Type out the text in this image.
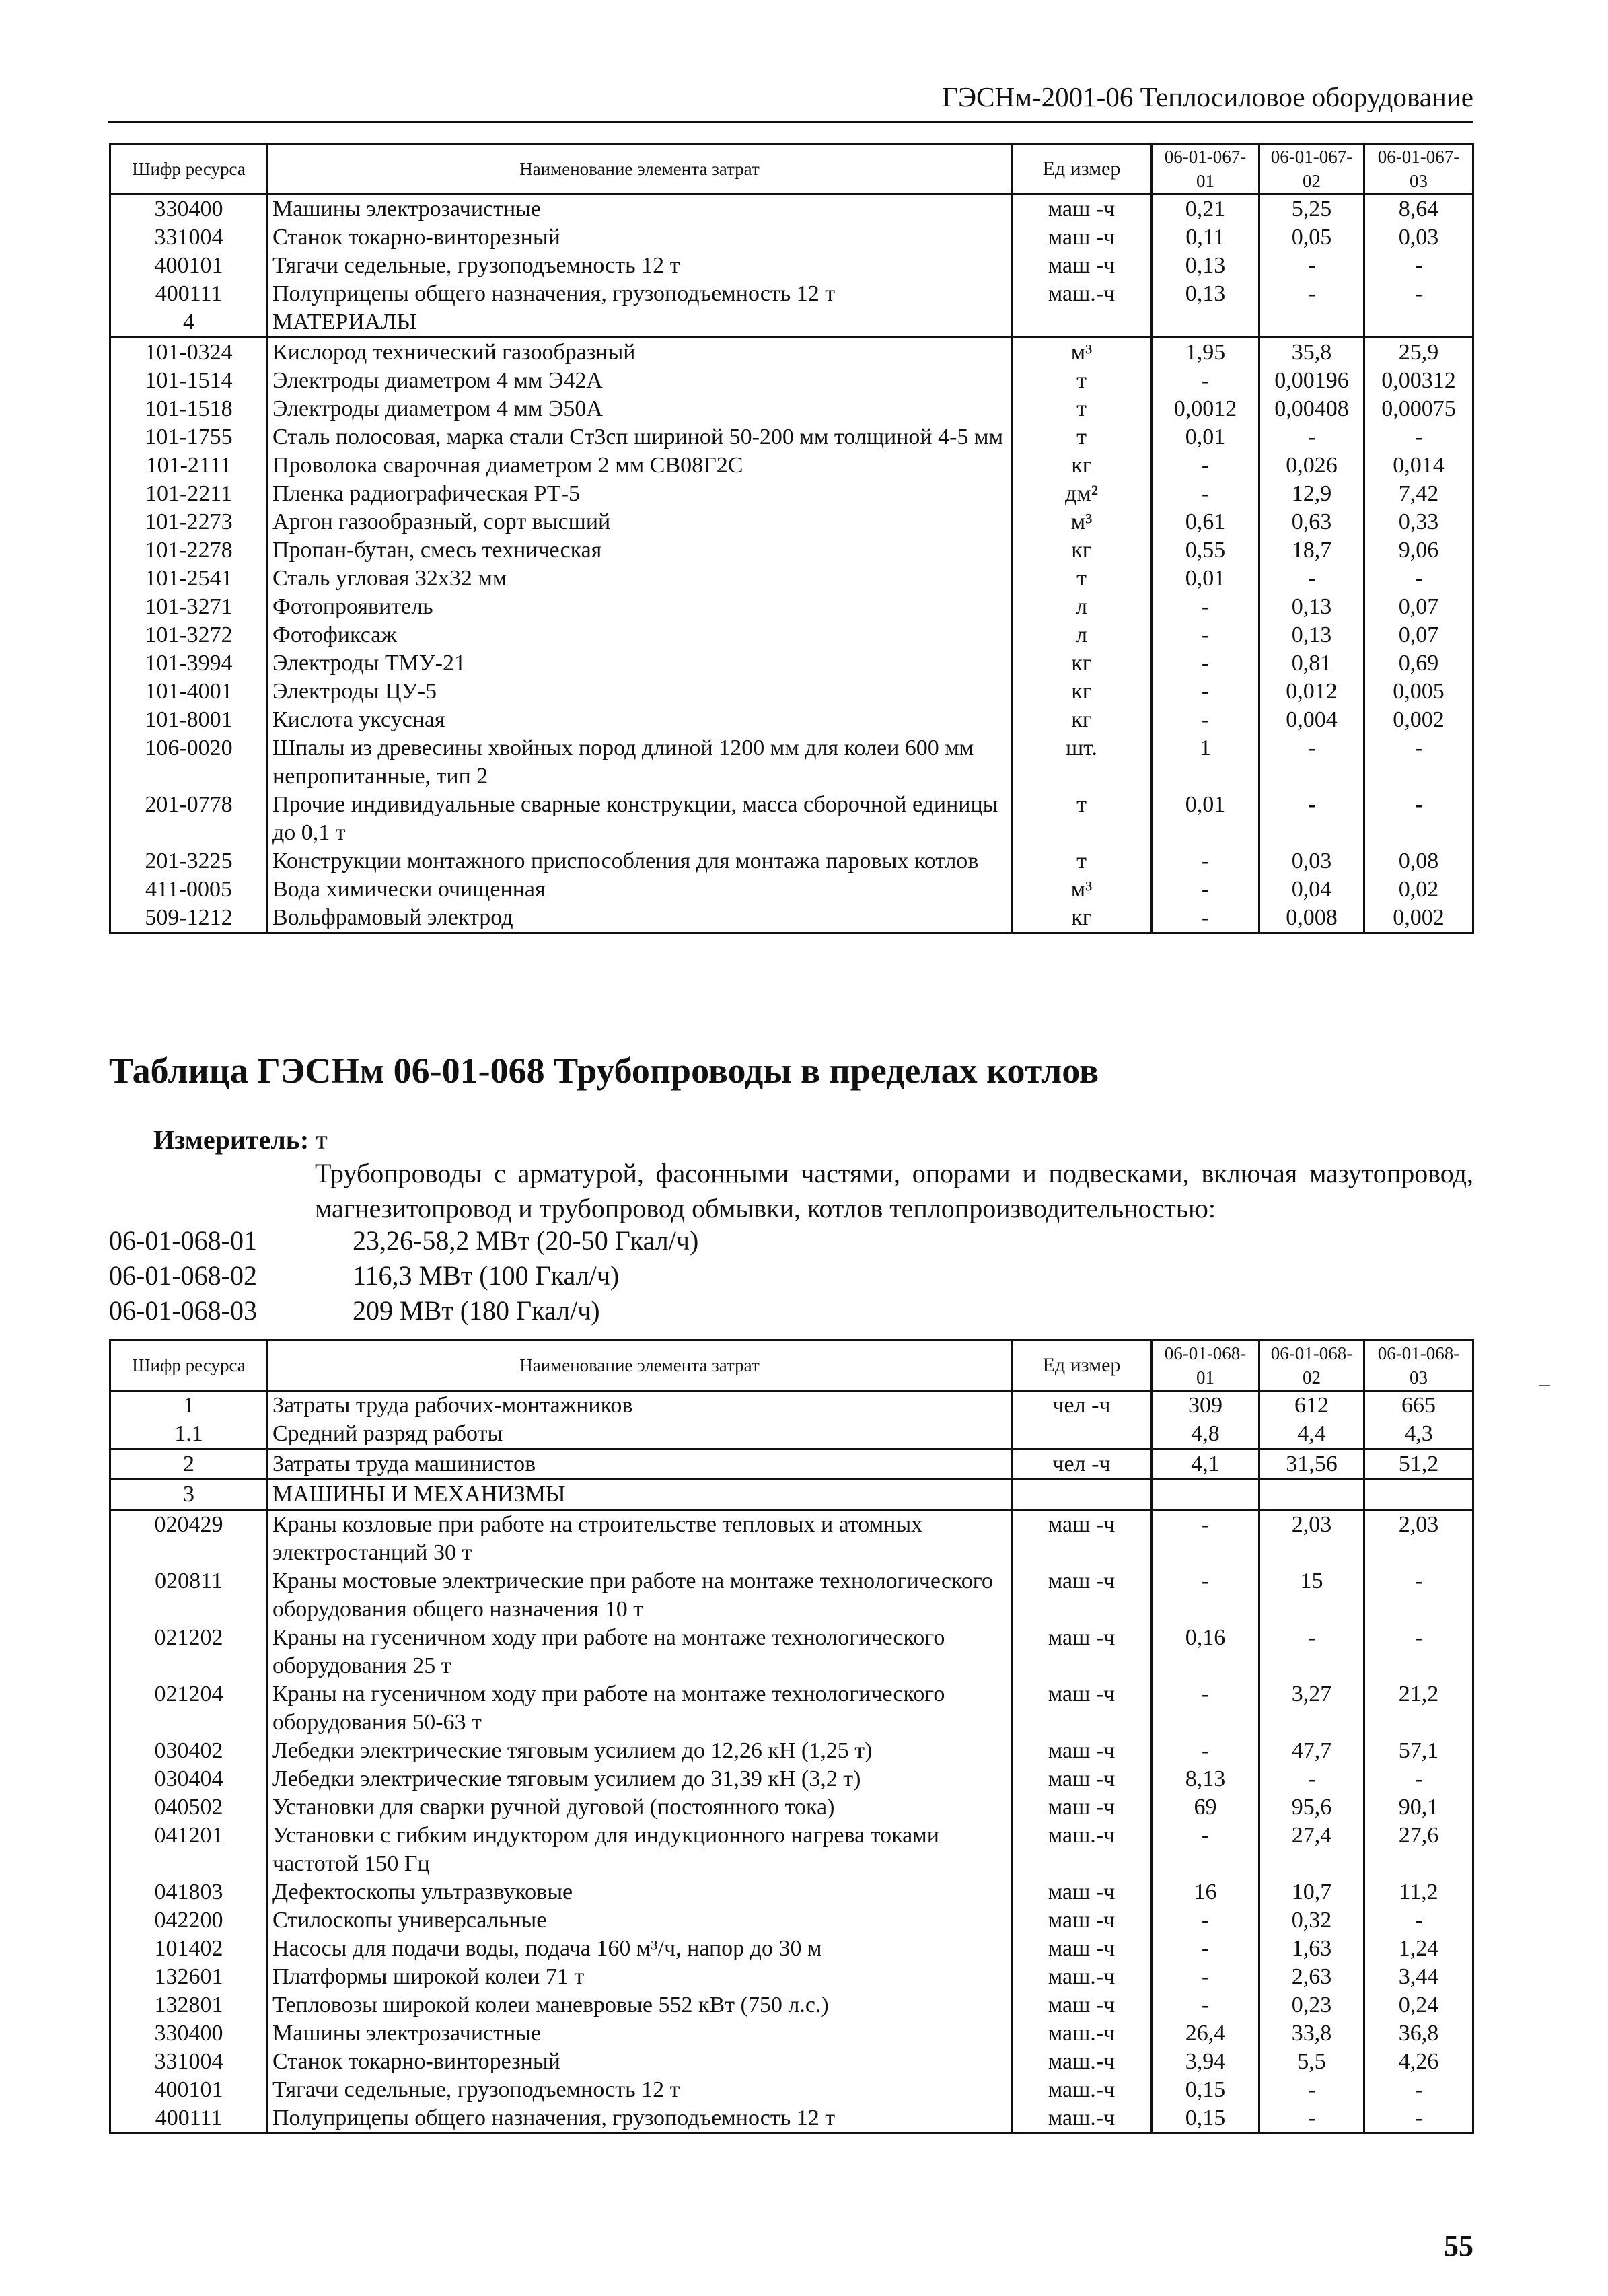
ГЭСНм-2001-06 Теплосиловое оборудование
Шифр ресурса	Наименование элемента затрат	Ед измер	06-01-067-01	06-01-067-02	06-01-067-03
330400	Машины электрозачистные	маш -ч	0,21	5,25	8,64
331004	Станок токарно-винторезный	маш -ч	0,11	0,05	0,03
400101	Тягачи седельные, грузоподъемность 12 т	маш -ч	0,13	-	-
400111	Полуприцепы общего назначения, грузоподъемность 12 т	маш.-ч	0,13	-	-
4	МАТЕРИАЛЫ				
101-0324	Кислород технический газообразный	м³	1,95	35,8	25,9
101-1514	Электроды диаметром 4 мм Э42А	т	-	0,00196	0,00312
101-1518	Электроды диаметром 4 мм Э50А	т	0,0012	0,00408	0,00075
101-1755	Сталь полосовая, марка стали Ст3сп шириной 50-200 мм толщиной 4-5 мм	т	0,01	-	-
101-2111	Проволока сварочная диаметром 2 мм СВ08Г2С	кг	-	0,026	0,014
101-2211	Пленка радиографическая РТ-5	дм²	-	12,9	7,42
101-2273	Аргон газообразный, сорт высший	м³	0,61	0,63	0,33
101-2278	Пропан-бутан, смесь техническая	кг	0,55	18,7	9,06
101-2541	Сталь угловая 32х32 мм	т	0,01	-	-
101-3271	Фотопроявитель	л	-	0,13	0,07
101-3272	Фотофиксаж	л	-	0,13	0,07
101-3994	Электроды ТМУ-21	кг	-	0,81	0,69
101-4001	Электроды ЦУ-5	кг	-	0,012	0,005
101-8001	Кислота уксусная	кг	-	0,004	0,002
106-0020	Шпалы из древесины хвойных пород длиной 1200 мм для колеи 600 мм непропитанные, тип 2	шт.	1	-	-
201-0778	Прочие индивидуальные сварные конструкции, масса сборочной единицы до 0,1 т	т	0,01	-	-
201-3225	Конструкции монтажного приспособления для монтажа паровых котлов	т	-	0,03	0,08
411-0005	Вода химически очищенная	м³	-	0,04	0,02
509-1212	Вольфрамовый электрод	кг	-	0,008	0,002
Таблица ГЭСНм 06-01-068 Трубопроводы в пределах котлов
Измеритель: т
Трубопроводы с арматурой, фасонными частями, опорами и подвесками, включая мазутопровод, магнезитопровод и трубопровод обмывки, котлов теплопроизводительностью:
06-01-068-01	23,26-58,2 МВт (20-50 Гкал/ч)
06-01-068-02	116,3 МВт (100 Гкал/ч)
06-01-068-03	209 МВт (180 Гкал/ч)
Шифр ресурса	Наименование элемента затрат	Ед измер	06-01-068-01	06-01-068-02	06-01-068-03
1	Затраты труда рабочих-монтажников	чел -ч	309	612	665
1.1	Средний разряд работы		4,8	4,4	4,3
2	Затраты труда машинистов	чел -ч	4,1	31,56	51,2
3	МАШИНЫ И МЕХАНИЗМЫ				
020429	Краны козловые при работе на строительстве тепловых и атомных электростанций 30 т	маш -ч	-	2,03	2,03
020811	Краны мостовые электрические при работе на монтаже технологического оборудования общего назначения 10 т	маш -ч	-	15	-
021202	Краны на гусеничном ходу при работе на монтаже технологического оборудования 25 т	маш -ч	0,16	-	-
021204	Краны на гусеничном ходу при работе на монтаже технологического оборудования 50-63 т	маш -ч	-	3,27	21,2
030402	Лебедки электрические тяговым усилием до 12,26 кН (1,25 т)	маш -ч	-	47,7	57,1
030404	Лебедки электрические тяговым усилием до 31,39 кН (3,2 т)	маш -ч	8,13	-	-
040502	Установки для сварки ручной дуговой (постоянного тока)	маш -ч	69	95,6	90,1
041201	Установки с гибким индуктором для индукционного нагрева токами частотой 150 Гц	маш.-ч	-	27,4	27,6
041803	Дефектоскопы ультразвуковые	маш -ч	16	10,7	11,2
042200	Стилоскопы универсальные	маш -ч	-	0,32	-
101402	Насосы для подачи воды, подача 160 м³/ч, напор до 30 м	маш -ч	-	1,63	1,24
132601	Платформы широкой колеи 71 т	маш.-ч	-	2,63	3,44
132801	Тепловозы широкой колеи маневровые 552 кВт (750 л.с.)	маш -ч	-	0,23	0,24
330400	Машины электрозачистные	маш.-ч	26,4	33,8	36,8
331004	Станок токарно-винторезный	маш.-ч	3,94	5,5	4,26
400101	Тягачи седельные, грузоподъемность 12 т	маш.-ч	0,15	-	-
400111	Полуприцепы общего назначения, грузоподъемность 12 т	маш.-ч	0,15	-	-
55
